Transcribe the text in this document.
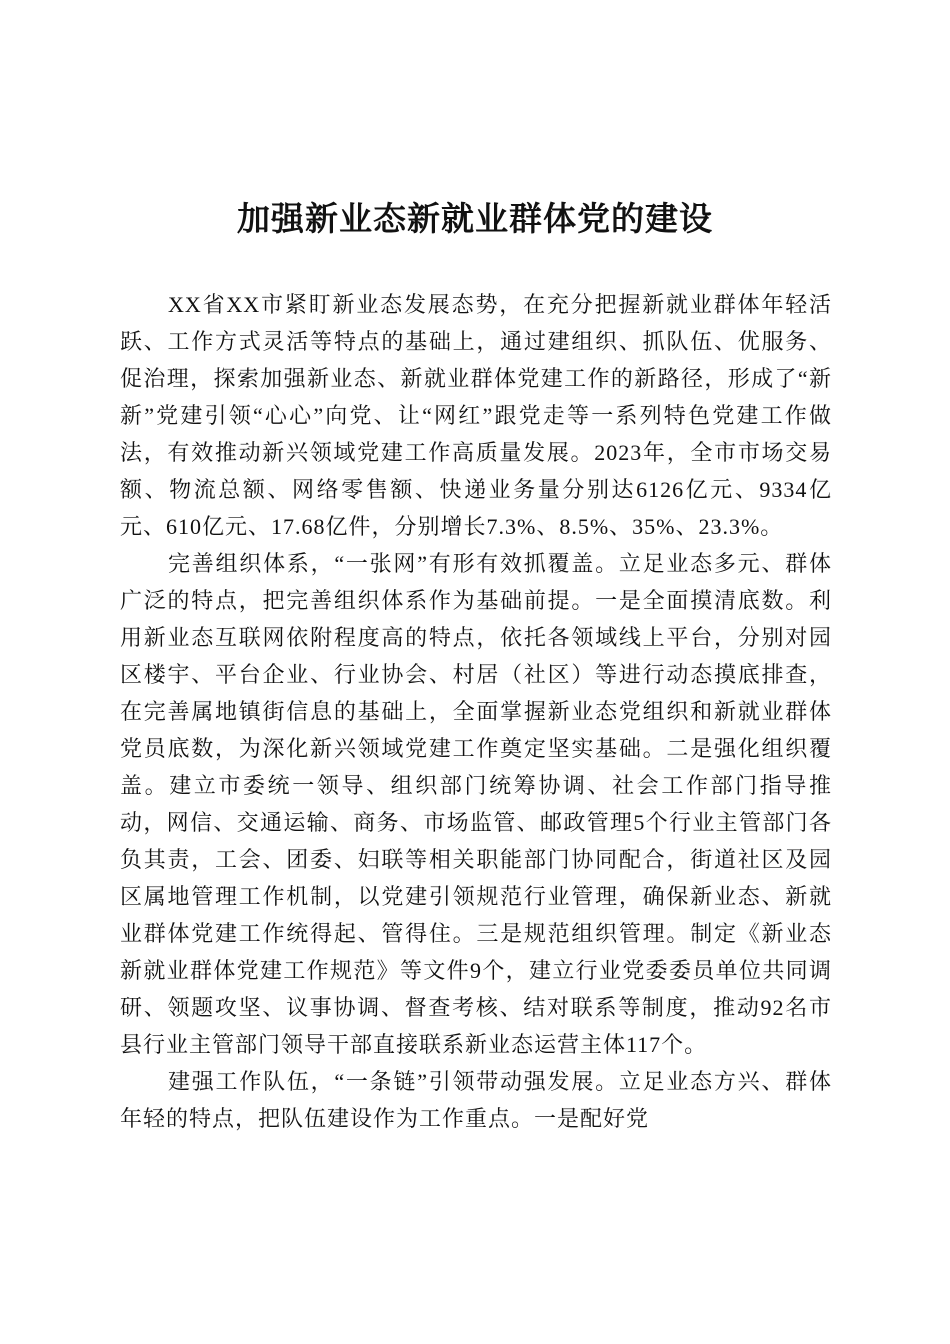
加强新业态新就业群体党的建设

XX省XX市紧盯新业态发展态势，在充分把握新就业群体年轻活跃、工作方式灵活等特点的基础上，通过建组织、抓队伍、优服务、促治理，探索加强新业态、新就业群体党建工作的新路径，形成了“新新”党建引领“心心”向党、让“网红”跟党走等一系列特色党建工作做法，有效推动新兴领域党建工作高质量发展。2023年，全市市场交易额、物流总额、网络零售额、快递业务量分别达6126亿元、9334亿元、610亿元、17.68亿件，分别增长7.3%、8.5%、35%、23.3%。

完善组织体系，“一张网”有形有效抓覆盖。立足业态多元、群体广泛的特点，把完善组织体系作为基础前提。一是全面摸清底数。利用新业态互联网依附程度高的特点，依托各领域线上平台，分别对园区楼宇、平台企业、行业协会、村居（社区）等进行动态摸底排查，在完善属地镇街信息的基础上，全面掌握新业态党组织和新就业群体党员底数，为深化新兴领域党建工作奠定坚实基础。二是强化组织覆盖。建立市委统一领导、组织部门统筹协调、社会工作部门指导推动，网信、交通运输、商务、市场监管、邮政管理5个行业主管部门各负其责，工会、团委、妇联等相关职能部门协同配合，街道社区及园区属地管理工作机制，以党建引领规范行业管理，确保新业态、新就业群体党建工作统得起、管得住。三是规范组织管理。制定《新业态新就业群体党建工作规范》等文件9个，建立行业党委委员单位共同调研、领题攻坚、议事协调、督查考核、结对联系等制度，推动92名市县行业主管部门领导干部直接联系新业态运营主体117个。

建强工作队伍，“一条链”引领带动强发展。立足业态方兴、群体年轻的特点，把队伍建设作为工作重点。一是配好党
